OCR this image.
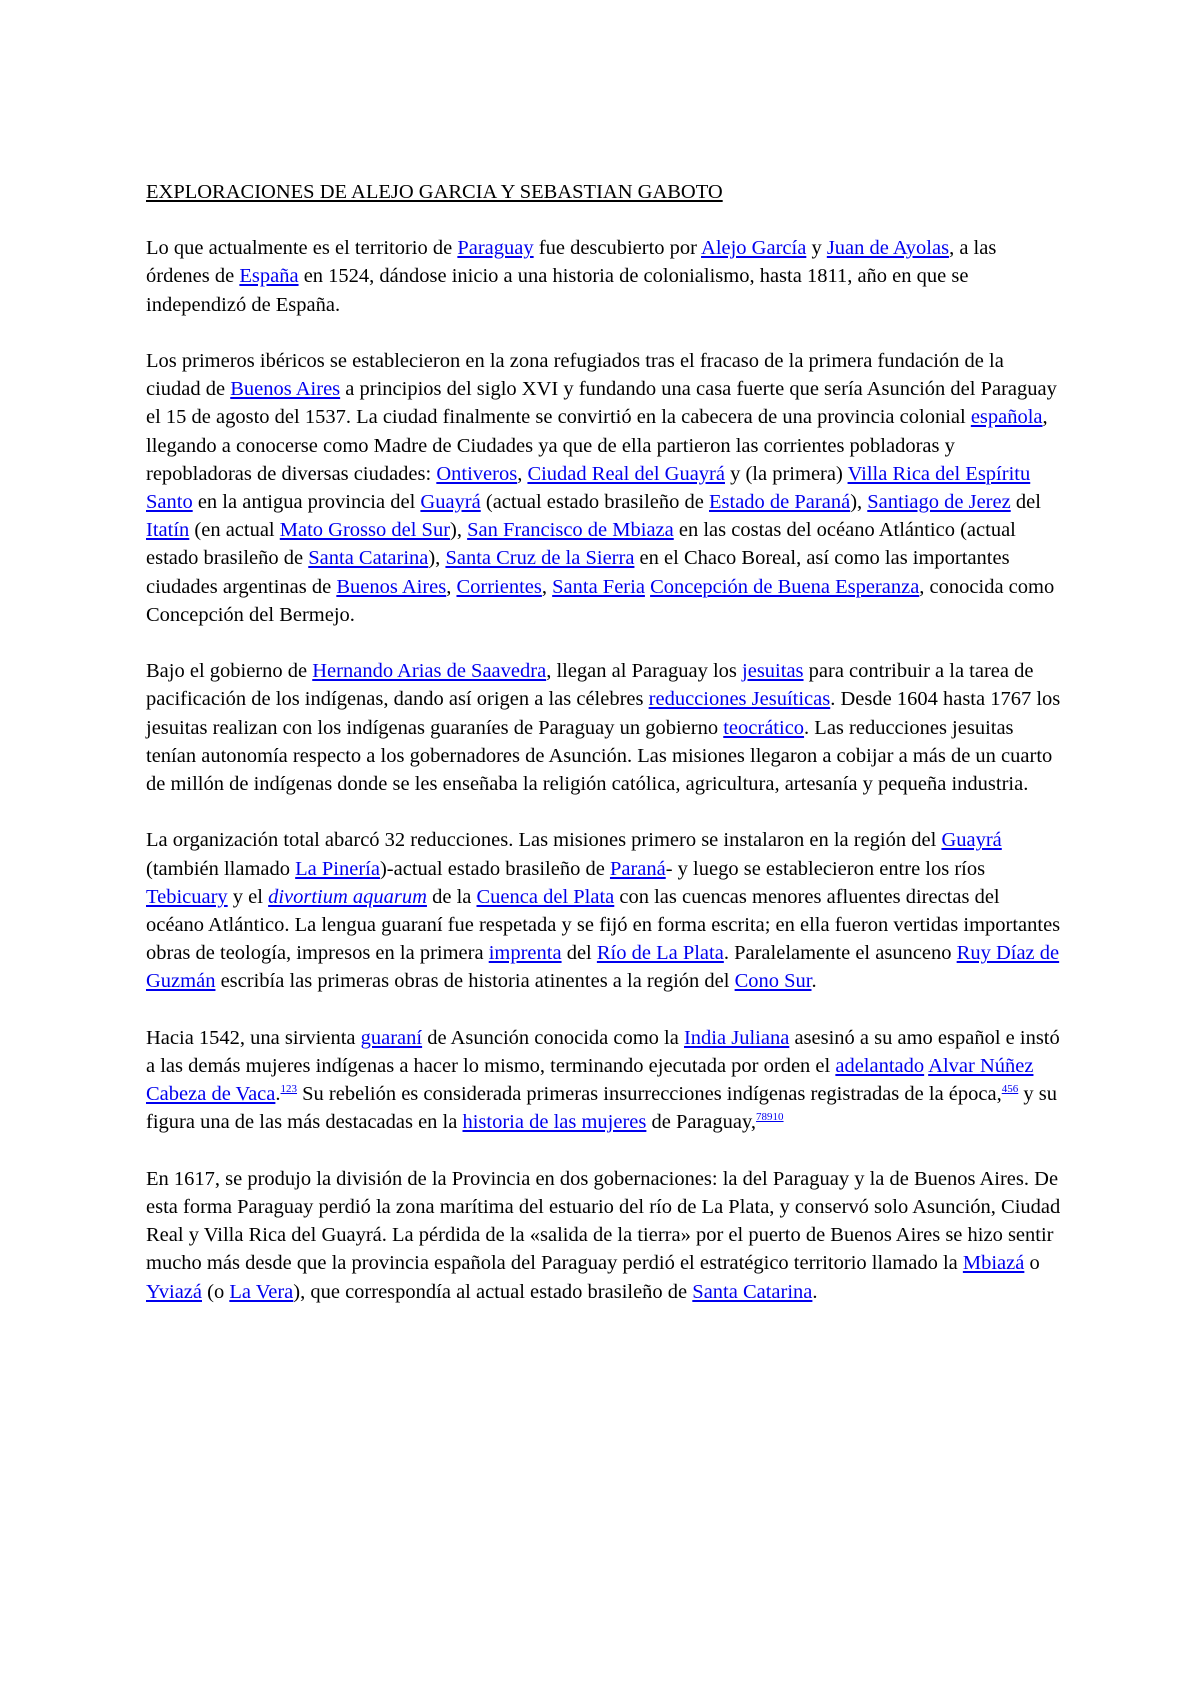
EXPLORACIONES DE ALEJO GARCIA Y SEBASTIAN GABOTO

Lo que actualmente es el territorio de Paraguay fue descubierto por Alejo García y Juan de Ayolas, a las órdenes de España en 1524, dándose inicio a una historia de colonialismo, hasta 1811, año en que se independizó de España.

Los primeros ibéricos se establecieron en la zona refugiados tras el fracaso de la primera fundación de la ciudad de Buenos Aires a principios del siglo XVI y fundando una casa fuerte que sería Asunción del Paraguay el 15 de agosto del 1537. La ciudad finalmente se convirtió en la cabecera de una provincia colonial española, llegando a conocerse como Madre de Ciudades ya que de ella partieron las corrientes pobladoras y repobladoras de diversas ciudades: Ontiveros, Ciudad Real del Guayrá y (la primera) Villa Rica del Espíritu Santo en la antigua provincia del Guayrá (actual estado brasileño de Estado de Paraná), Santiago de Jerez del Itatín (en actual Mato Grosso del Sur), San Francisco de Mbiaza en las costas del océano Atlántico (actual estado brasileño de Santa Catarina), Santa Cruz de la Sierra en el Chaco Boreal, así como las importantes ciudades argentinas de Buenos Aires, Corrientes, Santa Feria Concepción de Buena Esperanza, conocida como Concepción del Bermejo.

Bajo el gobierno de Hernando Arias de Saavedra, llegan al Paraguay los jesuitas para contribuir a la tarea de pacificación de los indígenas, dando así origen a las célebres reducciones Jesuíticas. Desde 1604 hasta 1767 los jesuitas realizan con los indígenas guaraníes de Paraguay un gobierno teocrático. Las reducciones jesuitas tenían autonomía respecto a los gobernadores de Asunción. Las misiones llegaron a cobijar a más de un cuarto de millón de indígenas donde se les enseñaba la religión católica, agricultura, artesanía y pequeña industria.

La organización total abarcó 32 reducciones. Las misiones primero se instalaron en la región del Guayrá (también llamado La Pinería)-actual estado brasileño de Paraná- y luego se establecieron entre los ríos Tebicuary y el divortium aquarum de la Cuenca del Plata con las cuencas menores afluentes directas del océano Atlántico. La lengua guaraní fue respetada y se fijó en forma escrita; en ella fueron vertidas importantes obras de teología, impresos en la primera imprenta del Río de La Plata. Paralelamente el asunceno Ruy Díaz de Guzmán escribía las primeras obras de historia atinentes a la región del Cono Sur.

Hacia 1542, una sirvienta guaraní de Asunción conocida como la India Juliana asesinó a su amo español e instó a las demás mujeres indígenas a hacer lo mismo, terminando ejecutada por orden el adelantado Alvar Núñez Cabeza de Vaca.$^{123}$ Su rebelión es considerada primeras insurrecciones indígenas registradas de la época,$^{456}$ y su figura una de las más destacadas en la historia de las mujeres de Paraguay,$^{78910}$

En 1617, se produjo la división de la Provincia en dos gobernaciones: la del Paraguay y la de Buenos Aires. De esta forma Paraguay perdió la zona marítima del estuario del río de La Plata, y conservó solo Asunción, Ciudad Real y Villa Rica del Guayrá. La pérdida de la «salida de la tierra» por el puerto de Buenos Aires se hizo sentir mucho más desde que la provincia española del Paraguay perdió el estratégico territorio llamado la Mbiazá o Yviazá (o La Vera), que correspondía al actual estado brasileño de Santa Catarina.
